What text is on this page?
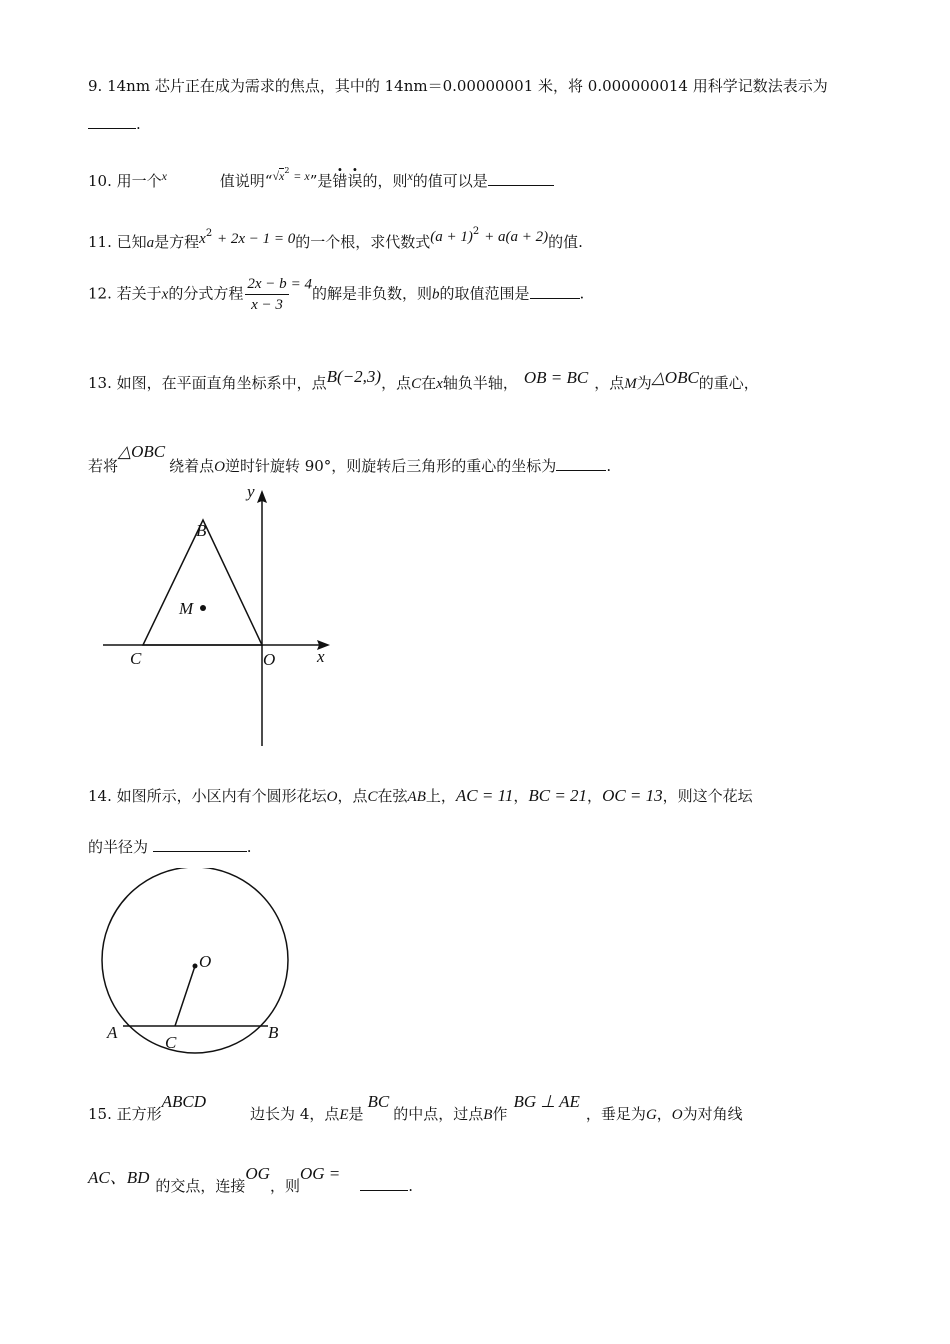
9. 14nm 芯片正在成为需求的焦点，其中的 14nm＝0.00000001 米，将 0.000000014 用科学记数法表示为
.
10. 用一个$^x$	值说明“$^{√x^2 = x}$”是错误的，则$^x$的值可以是
11. 已知a是方程$x^2 + 2x - 1 = 0$的一个根，求代数式$(a + 1)^2 + a(a + 2)$的值.
12. 若关于x的分式方程 $\frac{2x - b}{x - 3} = 4$的解是非负数，则b的取值范围是	.
13. 如图，在平面直角坐标系中，点B(−2,3)，点C在x轴负半轴， OB = BC ，点M为△OBC的重心，
若将△OBC绕着点O逆时针旋转 90°，则旋转后三角形的重心的坐标为	.
y
x
B
M
C	O
14. 如图所示，小区内有个圆形花坛O，点C在弦AB上，AC = 11，BC = 21，OC = 13，则这个花坛
的半径为	.
O
A	B
C
15. 正方形ABCD边长为 4，点E是BC的中点，过点B作BG ⊥ AE，垂足为G，O为对角线
AC、BD 的交点，连接OG，则OG =.
